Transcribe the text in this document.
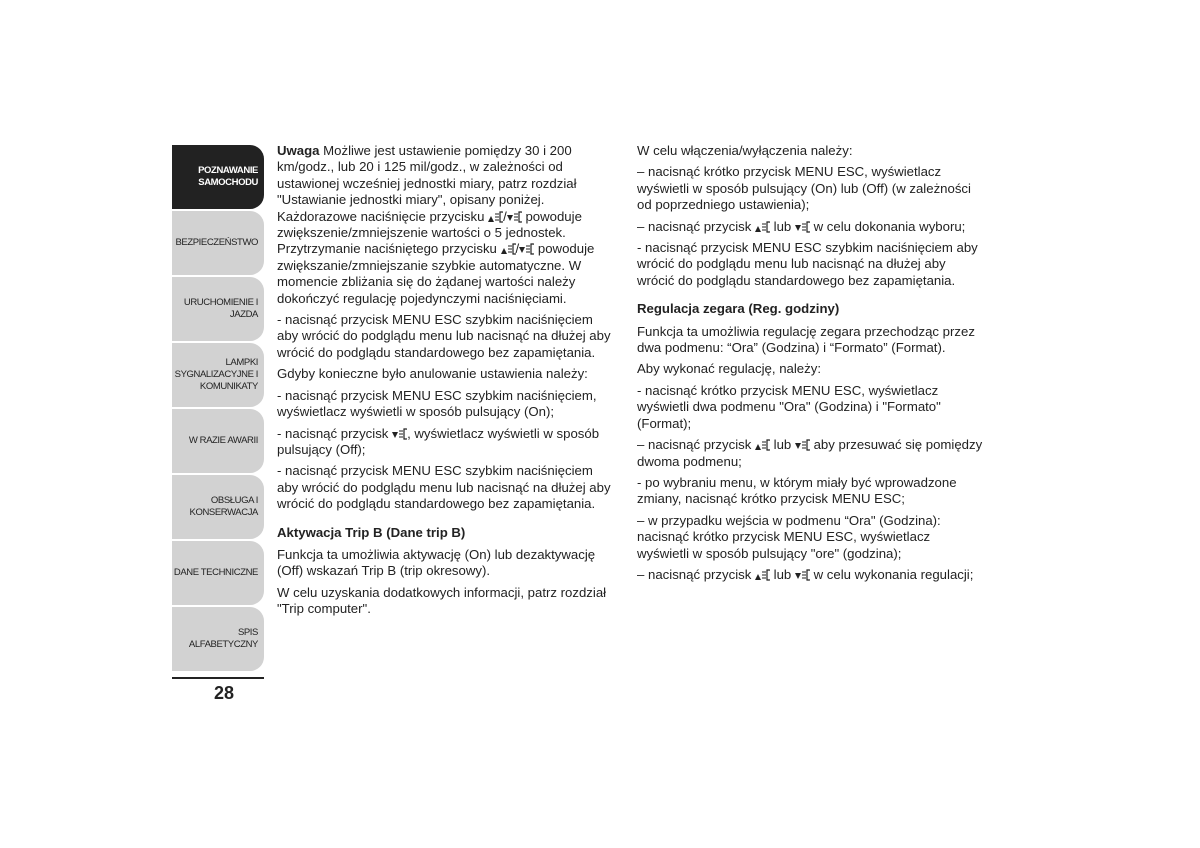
POZNAWANIE
SAMOCHODU
BEZPIECZEŃSTWO
URUCHOMIENIE I
JAZDA
LAMPKI
SYGNALIZACYJNE I
KOMUNIKATY
W RAZIE AWARII
OBSŁUGA I
KONSERWACJA
DANE TECHNICZNE
SPIS ALFABETYCZNY
28

Uwaga Możliwe jest ustawienie pomiędzy 30 i 200 km/godz., lub 20 i 125 mil/godz., w zależności od ustawionej wcześniej jednostki miary, patrz rozdział "Ustawianie jednostki miary", opisany poniżej. Każdorazowe naciśnięcie przycisku / powoduje zwiększenie/zmniejszenie wartości o 5 jednostek. Przytrzymanie naciśniętego przycisku / powoduje zwiększanie/zmniejszanie szybkie automatyczne. W momencie zbliżania się do żądanej wartości należy dokończyć regulację pojedynczymi naciśnięciami.

- nacisnąć przycisk MENU ESC szybkim naciśnięciem aby wrócić do podglądu menu lub nacisnąć na dłużej aby wrócić do podglądu standardowego bez zapamiętania.

Gdyby konieczne było anulowanie ustawienia należy:

- nacisnąć przycisk MENU ESC szybkim naciśnięciem, wyświetlacz wyświetli w sposób pulsujący (On);

- nacisnąć przycisk , wyświetlacz wyświetli w sposób pulsujący (Off);

- nacisnąć przycisk MENU ESC szybkim naciśnięciem aby wrócić do podglądu menu lub nacisnąć na dłużej aby wrócić do podglądu standardowego bez zapamiętania.

Aktywacja Trip B (Dane trip B)

Funkcja ta umożliwia aktywację (On) lub dezaktywację (Off) wskazań Trip B (trip okresowy).

W celu uzyskania dodatkowych informacji, patrz rozdział "Trip computer".

W celu włączenia/wyłączenia należy:

– nacisnąć krótko przycisk MENU ESC, wyświetlacz wyświetli w sposób pulsujący (On) lub (Off) (w zależności od poprzedniego ustawienia);

– nacisnąć przycisk  lub  w celu dokonania wyboru;

- nacisnąć przycisk MENU ESC szybkim naciśnięciem aby wrócić do podglądu menu lub nacisnąć na dłużej aby wrócić do podglądu standardowego bez zapamiętania.

Regulacja zegara (Reg. godziny)

Funkcja ta umożliwia regulację zegara przechodząc przez dwa podmenu: “Ora” (Godzina) i “Formato” (Format).

Aby wykonać regulację, należy:

- nacisnąć krótko przycisk MENU ESC, wyświetlacz wyświetli dwa podmenu "Ora" (Godzina) i "Formato" (Format);

– nacisnąć przycisk  lub  aby przesuwać się pomiędzy dwoma podmenu;

- po wybraniu menu, w którym miały być wprowadzone zmiany, nacisnąć krótko przycisk MENU ESC;

– w przypadku wejścia w podmenu “Ora" (Godzina): nacisnąć krótko przycisk MENU ESC, wyświetlacz wyświetli w sposób pulsujący "ore" (godzina);

– nacisnąć przycisk  lub  w celu wykonania regulacji;
